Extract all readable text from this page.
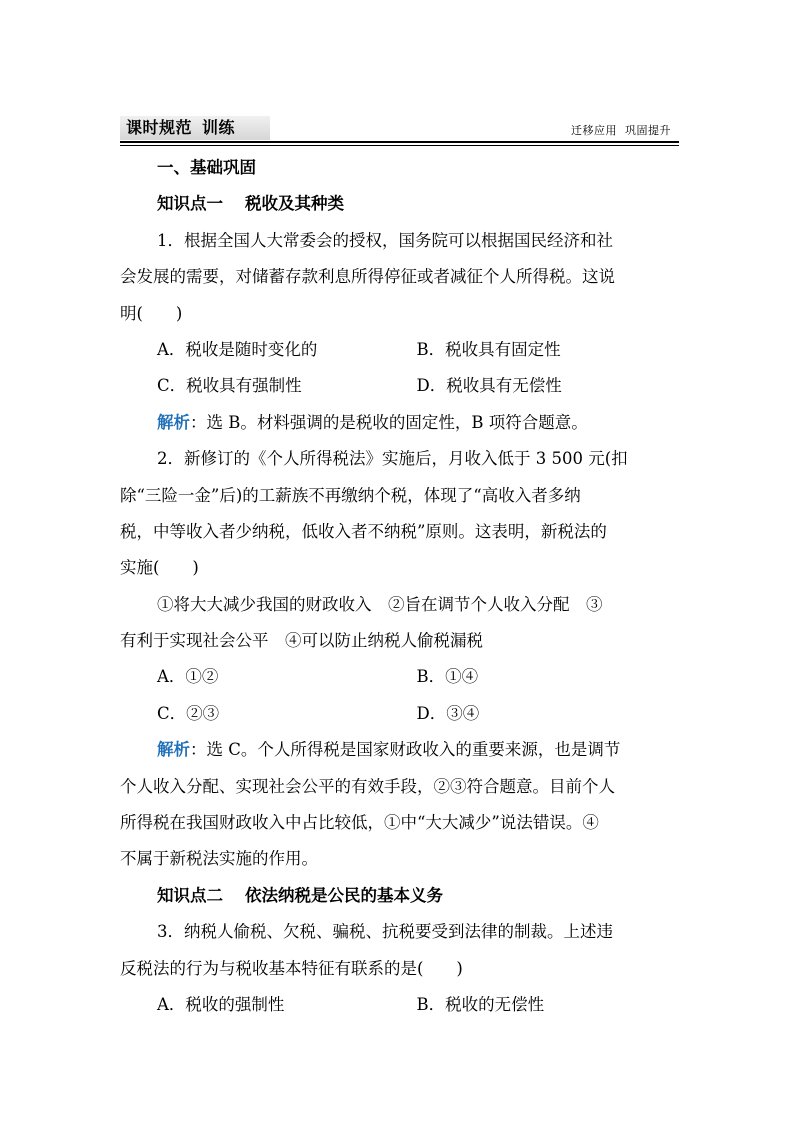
课时规范 训练	迁移应用 巩固提升
一、基础巩固
知识点一 税收及其种类
1．根据全国人大常委会的授权，国务院可以根据国民经济和社
会发展的需要，对储蓄存款利息所得停征或者减征个人所得税。这说
明(　　)
A．税收是随时变化的	B．税收具有固定性
C．税收具有强制性	D．税收具有无偿性
解析：选 B。材料强调的是税收的固定性，B 项符合题意。
2．新修订的《个人所得税法》实施后，月收入低于 3 500 元(扣
除“三险一金”后)的工薪族不再缴纳个税，体现了“高收入者多纳
税，中等收入者少纳税，低收入者不纳税”原则。这表明，新税法的
实施(　　)
①将大大减少我国的财政收入　②旨在调节个人收入分配　③
有利于实现社会公平　④可以防止纳税人偷税漏税
A．①②	B．①④
C．②③	D．③④
解析：选 C。个人所得税是国家财政收入的重要来源，也是调节
个人收入分配、实现社会公平的有效手段，②③符合题意。目前个人
所得税在我国财政收入中占比较低，①中“大大减少”说法错误。④
不属于新税法实施的作用。
知识点二 依法纳税是公民的基本义务
3．纳税人偷税、欠税、骗税、抗税要受到法律的制裁。上述违
反税法的行为与税收基本特征有联系的是(　　)
A．税收的强制性	B．税收的无偿性
